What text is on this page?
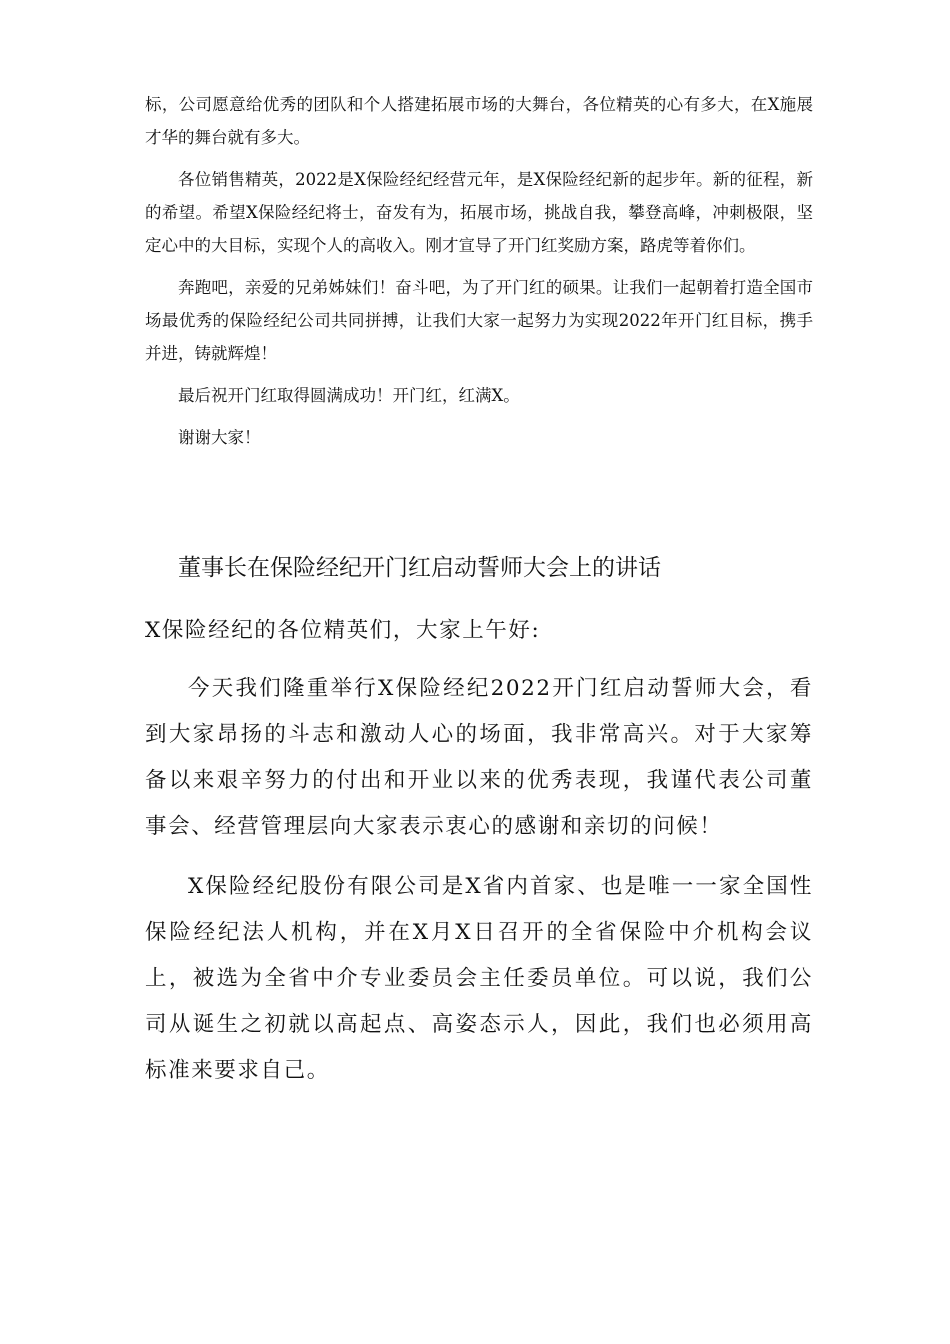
标，公司愿意给优秀的团队和个人搭建拓展市场的大舞台，各位精英的心有多大，在X施展才华的舞台就有多大。

各位销售精英，2022是X保险经纪经营元年，是X保险经纪新的起步年。新的征程，新的希望。希望X保险经纪将士，奋发有为，拓展市场，挑战自我，攀登高峰，冲刺极限，坚定心中的大目标，实现个人的高收入。刚才宣导了开门红奖励方案，路虎等着你们。

奔跑吧，亲爱的兄弟姊妹们！奋斗吧，为了开门红的硕果。让我们一起朝着打造全国市场最优秀的保险经纪公司共同拼搏，让我们大家一起努力为实现2022年开门红目标，携手并进，铸就辉煌！

最后祝开门红取得圆满成功！开门红，红满X。

谢谢大家！

董事长在保险经纪开门红启动誓师大会上的讲话

X保险经纪的各位精英们，大家上午好:

今天我们隆重举行X保险经纪2022开门红启动誓师大会，看到大家昂扬的斗志和激动人心的场面，我非常高兴。对于大家筹备以来艰辛努力的付出和开业以来的优秀表现，我谨代表公司董事会、经营管理层向大家表示衷心的感谢和亲切的问候！

X保险经纪股份有限公司是X省内首家、也是唯一一家全国性保险经纪法人机构，并在X月X日召开的全省保险中介机构会议上，被选为全省中介专业委员会主任委员单位。可以说，我们公司从诞生之初就以高起点、高姿态示人，因此，我们也必须用高标准来要求自己。
